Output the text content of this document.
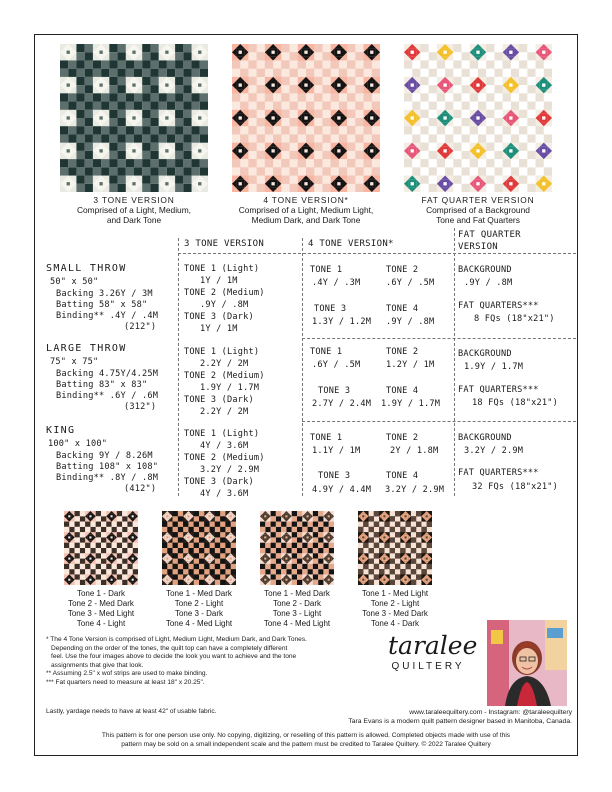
3 TONE VERSION
Comprised of a Light, Medium, and Dark Tone
4 TONE VERSION*
Comprised of a Light, Medium Light, Medium Dark, and Dark Tone
FAT QUARTER VERSION
Comprised of a Background Tone and Fat Quarters
3 TONE VERSION	4 TONE VERSION*
FAT QUARTER
VERSION
SMALL THROW
50" x 50"
Backing 3.26Y / 3M
Batting 58" x 58"
Binding** .4Y / .4M
(212")
TONE 1 (Light)
1Y / 1M
TONE 2 (Medium)
.9Y / .8M
TONE 3 (Dark)
1Y / 1M
TONE 1
.4Y / .3M
TONE 2
.6Y / .5M
TONE 3
1.3Y / 1.2M
TONE 4
.9Y / .8M
BACKGROUND
.9Y / .8M
FAT QUARTERS***
8 FQs (18"x21")
LARGE THROW
75" x 75"
Backing 4.75Y/4.25M
Batting 83" x 83"
Binding** .6Y / .6M
(312")
TONE 1 (Light)
2.2Y / 2M
TONE 2 (Medium)
1.9Y / 1.7M
TONE 3 (Dark)
2.2Y / 2M
TONE 1
.6Y / .5M
TONE 2
1.2Y / 1M
TONE 3
2.7Y / 2.4M
TONE 4
1.9Y / 1.7M
BACKGROUND
1.9Y / 1.7M
FAT QUARTERS***
18 FQs (18"x21")
KING
100" x 100"
Backing 9Y / 8.26M
Batting 108" x 108"
Binding** .8Y / .8M
(412")
TONE 1 (Light)
4Y / 3.6M
TONE 2 (Medium)
3.2Y / 2.9M
TONE 3 (Dark)
4Y / 3.6M
TONE 1
1.1Y / 1M
TONE 2
2Y / 1.8M
TONE 3
4.9Y / 4.4M
TONE 4
3.2Y / 2.9M
BACKGROUND
3.2Y / 2.9M
FAT QUARTERS***
32 FQs (18"x21")
Tone 1 - Dark
Tone 2 - Med Dark
Tone 3 - Med Light
Tone 4 - Light
Tone 1 - Med Dark
Tone 2 - Light
Tone 3 - Dark
Tone 4 - Med Light
Tone 1 - Med Dark
Tone 2 - Dark
Tone 3 - Light
Tone 4 - Med Light
Tone 1 - Med Light
Tone 2 - Light
Tone 3 - Med Dark
Tone 4 - Dark
* The 4 Tone Version is comprised of Light, Medium Light, Medium Dark, and Dark Tones.
Depending on the order of the tones, the quilt top can have a completely different
feel. Use the four images above to decide the look you want to achieve and the tone
assignments that give that look.
** Assuming 2.5" x wof strips are used to make binding.
*** Fat quarters need to measure at least 18" x 20.25".
Lastly, yardage needs to have at least 42" of usable fabric.
taralee
QUILTERY
www.taraleequiltery.com - Instagram: @taraleequiltery
Tara Evans is a modern quilt pattern designer based in Manitoba, Canada.
This pattern is for one person use only. No copying, digitizing, or reselling of this pattern is allowed. Completed objects made with use of this
pattern may be sold on a small independent scale and the pattern must be credited to Taralee Quiltery. © 2022 Taralee Quiltery
